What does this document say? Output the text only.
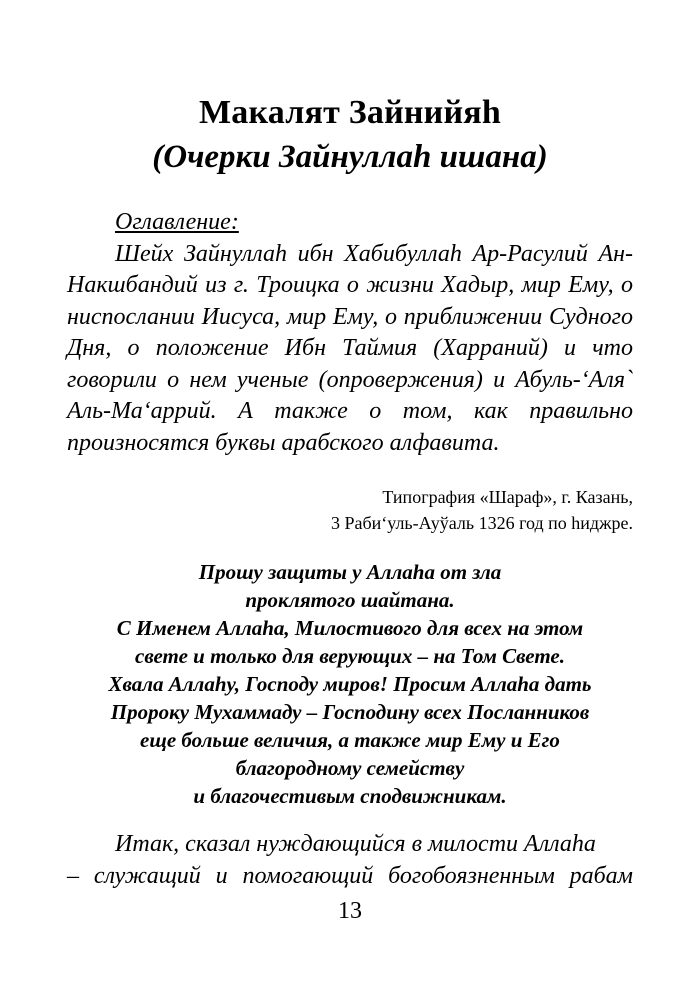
Макалят Зайнийяh
(Очерки Зайнуллаh ишана)
Оглавление:
Шейх Зайнуллаh ибн Хабибуллаh Ар-Расулий Ан-Накшбандий из г. Троицка о жизни Хадыр, мир Ему, о ниспослании Иисуса, мир Ему, о приближении Судного Дня, о положение Ибн Таймия (Харраний) и что говорили о нем ученые (опровержения) и Абуль-‘Аля` Аль-Ма‘аррий. А также о том, как правильно произносятся буквы арабского алфавита.
Типография «Шараф», г. Казань,
3 Раби‘уль-Ауўаль 1326 год по hиджре.
Прошу защиты у Аллаhа от зла
проклятого шайтана.
С Именем Аллаhа, Милостивого для всех на этом
свете и только для верующих – на Том Свете.
Хвала Аллаhу, Господу миров! Просим Аллаhа дать
Пророку Мухаммаду – Господину всех Посланников
еще больше величия, а также мир Ему и Его
благородному семейству
и благочестивым сподвижникам.
Итак, сказал нуждающийся в милости Аллаhа
– служащий и помогающий богобоязненным рабам
13
